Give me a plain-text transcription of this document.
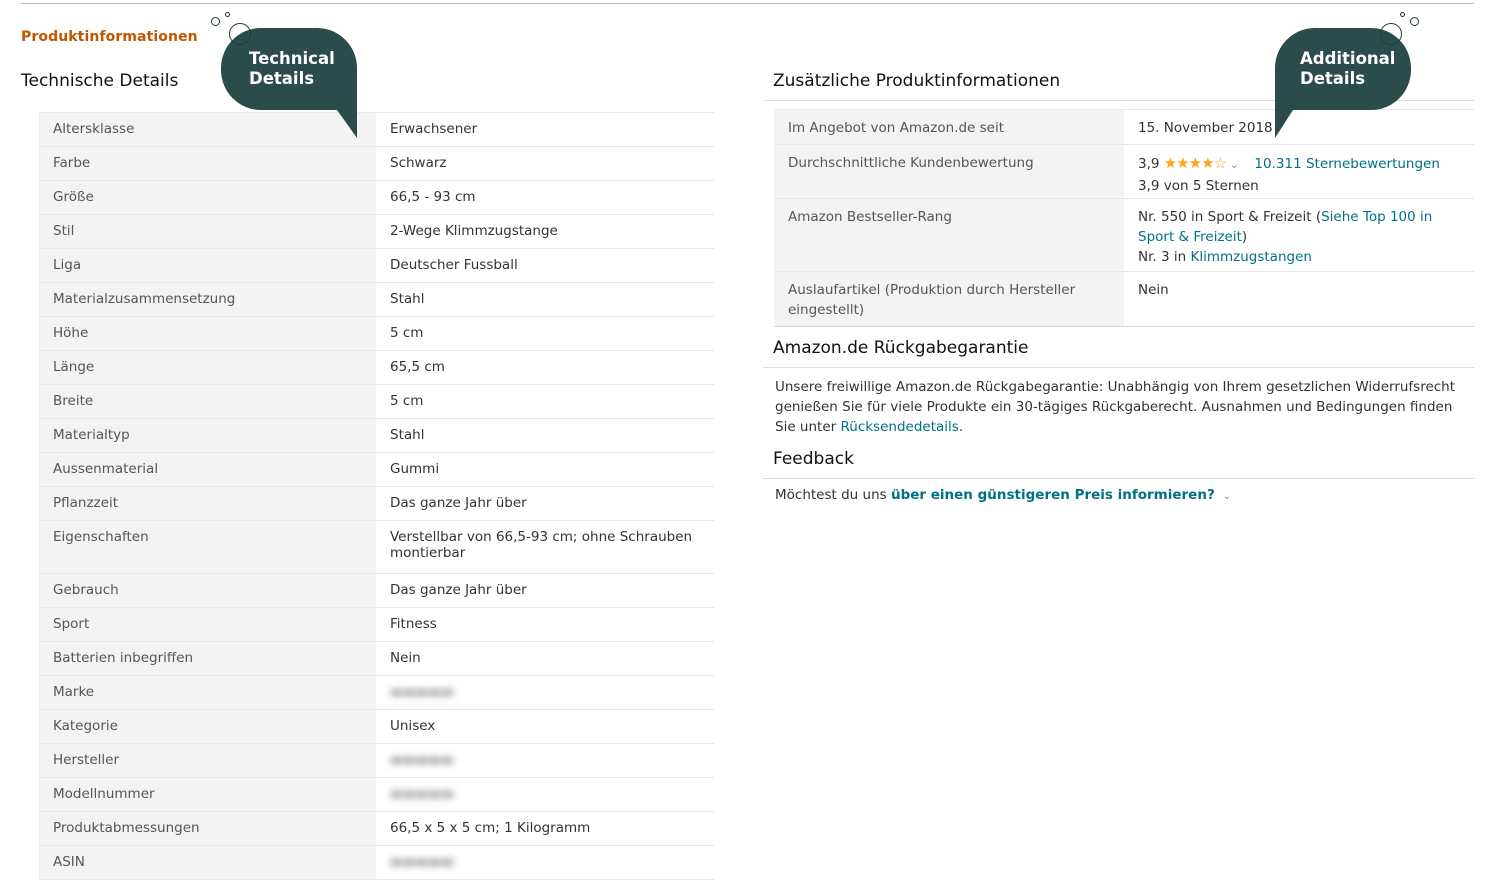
Produktinformationen
Technische Details	Zusätzliche Produktinformationen
Altersklasse	Erwachsener
Farbe	Schwarz
Größe	66,5 - 93 cm
Stil	2-Wege Klimmzugstange
Liga	Deutscher Fussball
Materialzusammensetzung	Stahl
Höhe	5 cm
Länge	65,5 cm
Breite	5 cm
Materialtyp	Stahl
Aussenmaterial	Gummi
Pflanzzeit	Das ganze Jahr über
Eigenschaften	Verstellbar von 66,5-93 cm; ohne Schrauben montierbar
Gebrauch	Das ganze Jahr über
Sport	Fitness
Batterien inbegriffen	Nein
Marke	▬▬▬▬▬
Kategorie	Unisex
Hersteller	▬▬▬▬▬
Modellnummer	▬▬▬▬▬
Produktabmessungen	66,5 x 5 x 5 cm; 1 Kilogramm
ASIN	▬▬▬▬▬
Im Angebot von Amazon.de seit	15. November 2018
Durchschnittliche Kundenbewertung	3,9 ★★★★☆ ⌄ 10.311 Sternebewertungen
3,9 von 5 Sternen
Amazon Bestseller-Rang	Nr. 550 in Sport & Freizeit (Siehe Top 100 in Sport & Freizeit)
Nr. 3 in Klimmzugstangen
Auslaufartikel (Produktion durch Hersteller eingestellt)	Nein
Amazon.de Rückgabegarantie
Unsere freiwillige Amazon.de Rückgabegarantie: Unabhängig von Ihrem gesetzlichen Widerrufsrecht genießen Sie für viele Produkte ein 30-tägiges Rückgaberecht. Ausnahmen und Bedingungen finden Sie unter Rücksendedetails.
Feedback
Möchtest du uns über einen günstigeren Preis informieren? ⌄
Technical
Details
Additional
Details
